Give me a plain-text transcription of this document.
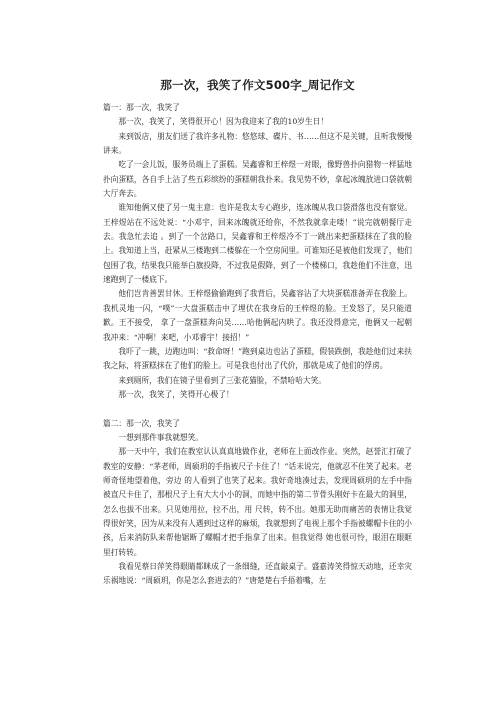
那一次，我笑了作文500字_周记作文

篇一：那一次，我笑了

那一次，我笑了，笑得很开心！因为我迎来了我的10岁生日！

来到饭店，朋友们送了我许多礼物：悠悠球、碟片、书……但这不是关键，且听我慢慢讲来。

吃了一会儿饭，服务员端上了蛋糕。吴鑫睿和王梓煜一对眼，像野兽扑向猎物一样猛地扑向蛋糕，各自手上沾了些五彩缤纷的蛋糕朝我扑来。我见势不妙，拿起冰魄放进口袋就朝大厅奔去。

谁知他俩又使了另一鬼主意：也许是我太专心跑步，连冰魄从我口袋滑落也没有察觉。王梓煜站在不远处说：“小邓宇，回来冰魄就还给你，不然我就拿走喽！”说完就朝餐厅走去。我急忙去追 。到了一个岔路口，吴鑫睿和王梓煜冷不丁一跳出来把蛋糕抹在了我的脸上。我知道上当，赶紧从三楼跑到二楼躲在一个空房间里。可谁知还是被他们发现了，他们包围了我，结果我只能举白旗投降，不过我是假降，到了一个楼梯口，我趁他们不注意，迅速跑到了一楼底下。

他们岂肯善罢甘休。王梓煜偷偷跑到了我背后，吴鑫容沾了大块蛋糕准备弄在我脸上。我机灵地一闪，“噗”一大盘蛋糕击中了埋伏在我身后的王梓煜的脸。王发怒了，吴只能道歉。王不接受， 拿了一盘蛋糕奔向吴……哈他俩起内哄了。我还没得意完，他俩又一起朝我冲来：“冲啊！来吧，小邓睿宇！接招！”

我吓了一跳，边跑边叫：“救命呀！”跑到桌边也沾了蛋糕，假装跌倒，我趁他们过来扶我之际，将蛋糕抹在了他们的脸上。可是我也付出了代价，那就是成了他们的俘虏。

来到厕所，我们在镜子里看到了三张花猫脸，不禁哈哈大笑。

那一次，我笑了，笑得开心极了！

篇二：那一次，我笑了

一想到那件事我就想笑。

那一天中午，我们在教室认认真真地做作业，老师在上面改作业。突然，赵誉汇打破了教室的安静：“茅老师，周硕玥的手指被尺子卡住了！”话未说完，他就忍不住笑了起来。老师奇怪地望着他，旁边 的人看到了也笑了起来。我好奇地凑过去，发现周硕玥的左手中指被直尺卡住了，那根尺子上有大大小小的洞，而她中指的第二节骨头刚好卡在最大的洞里，怎么也拔不出来。只见她用拉，拉不出，用 尺转，转不出。她那无助而痛苦的表情让我觉得很好笑，因为从来没有人遇到过这样的麻烦，我就想到了电视上那个手指被螺帽卡住的小孩，后来消防队来帮他锯断了螺帽才把手指拿了出来。但我觉得 她也很可怜，眼泪在眼眶里打转转。

我看见蔡日萍笑得眼睛都眯成了一条细缝，还直敲桌子。盛嘉涛笑得惊天动地，还幸灾乐祸地说：“周硕玥，你是怎么套进去的？”唐楚楚右手捂着嘴，左
